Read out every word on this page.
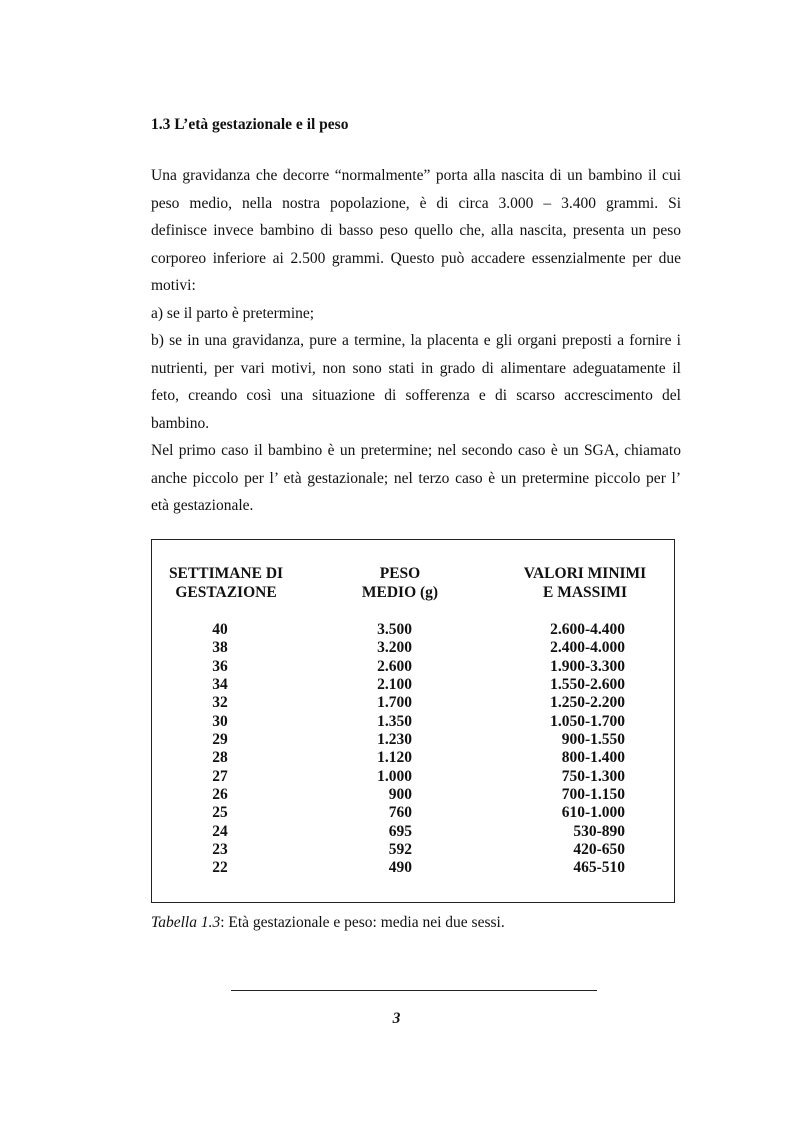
1.3 L’età gestazionale e il peso
Una gravidanza che decorre “normalmente” porta alla nascita di un bambino il cui
peso medio, nella nostra popolazione, è di circa 3.000 – 3.400 grammi. Si
definisce invece bambino di basso peso quello che, alla nascita, presenta un peso
corporeo inferiore ai 2.500 grammi. Questo può accadere essenzialmente per due
motivi:
a) se il parto è pretermine;
b) se in una gravidanza, pure a termine, la placenta e gli organi preposti a fornire i
nutrienti, per vari motivi, non sono stati in grado di alimentare adeguatamente il
feto, creando così una situazione di sofferenza e di scarso accrescimento del
bambino.
Nel primo caso il bambino è un pretermine; nel secondo caso è un SGA, chiamato
anche piccolo per l’ età gestazionale; nel terzo caso è un pretermine piccolo per l’
età gestazionale.
SETTIMANE DI
GESTAZIONE
PESO
MEDIO (g)
VALORI MINIMI
E MASSIMI
40
38
36
34
32
30
29
28
27
26
25
24
23
22
3.500
3.200
2.600
2.100
1.700
1.350
1.230
1.120
1.000
900
760
695
592
490
2.600-4.400
2.400-4.000
1.900-3.300
1.550-2.600
1.250-2.200
1.050-1.700
900-1.550
800-1.400
750-1.300
700-1.150
610-1.000
530-890
420-650
465-510
Tabella 1.3: Età gestazionale e peso: media nei due sessi.
3
